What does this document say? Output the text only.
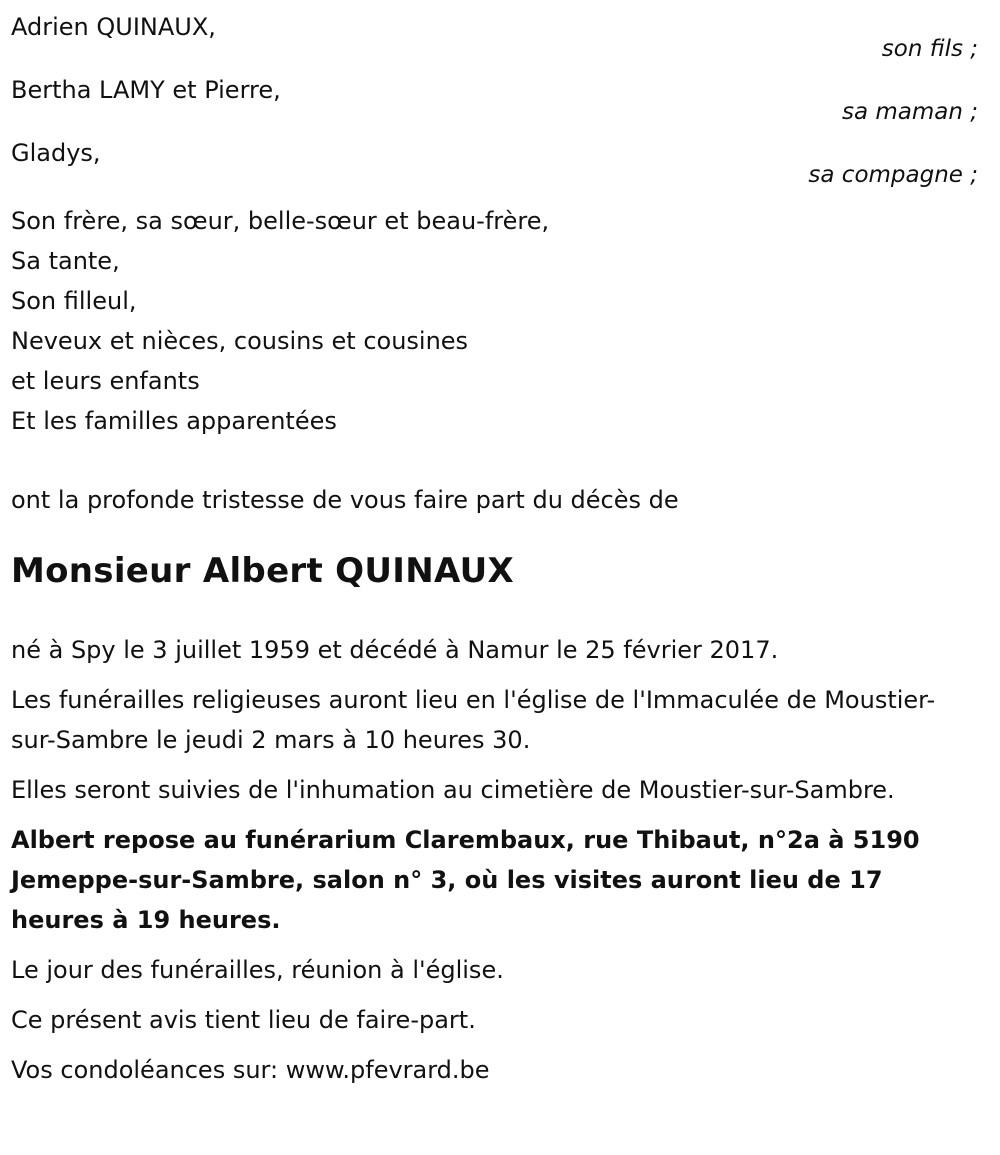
Adrien QUINAUX,
son fils ;
Bertha LAMY et Pierre,
sa maman ;
Gladys,
sa compagne ;
Son frère, sa sœur, belle-sœur et beau-frère,
Sa tante,
Son filleul,
Neveux et nièces, cousins et cousines
et leurs enfants
Et les familles apparentées
ont la profonde tristesse de vous faire part du décès de
Monsieur Albert QUINAUX

né à Spy le 3 juillet 1959 et décédé à Namur le 25 février 2017.

Les funérailles religieuses auront lieu en l'église de l'Immaculée de Moustier-sur-Sambre le jeudi 2 mars à 10 heures 30.

Elles seront suivies de l'inhumation au cimetière de Moustier-sur-Sambre.

Albert repose au funérarium Clarembaux, rue Thibaut, n°2a à 5190 Jemeppe-sur-Sambre, salon n° 3, où les visites auront lieu de 17 heures à 19 heures.

Le jour des funérailles, réunion à l'église.

Ce présent avis tient lieu de faire-part.

Vos condoléances sur: www.pfevrard.be
